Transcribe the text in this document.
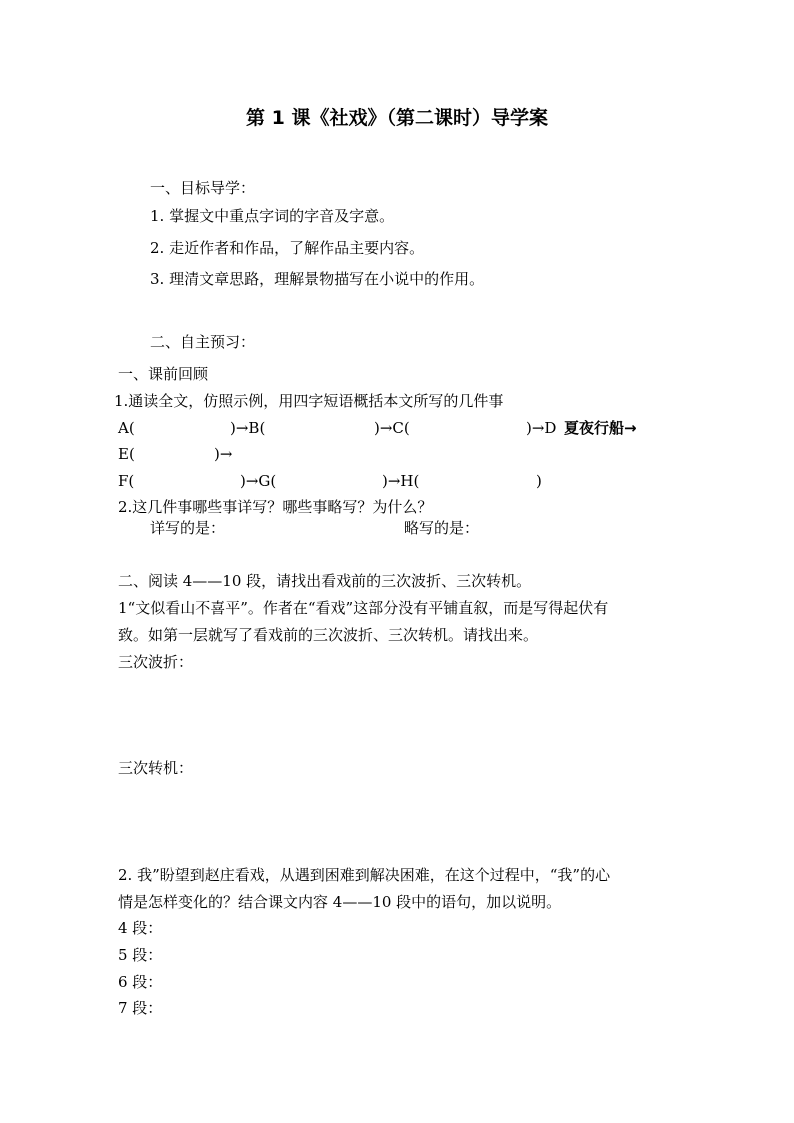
第 1 课《社戏》（第二课时）导学案
一、目标导学：
1. 掌握文中重点字词的字音及字意。
2. 走近作者和作品，了解作品主要内容。
3. 理清文章思路，理解景物描写在小说中的作用。
二、自主预习：
一、课前回顾
1.通读全文，仿照示例，用四字短语概括本文所写的几件事
A(	)→B(	)→C(	)→D 夏夜行船→
E(	)→
F(	)→G(	)→H(	)
2.这几件事哪些事详写？哪些事略写？为什么？
详写的是：	略写的是：
二、阅读 4——10 段，请找出看戏前的三次波折、三次转机。
1“文似看山不喜平”。作者在“看戏”这部分没有平铺直叙，而是写得起伏有
致。如第一层就写了看戏前的三次波折、三次转机。请找出来。
三次波折：
三次转机：
2. 我”盼望到赵庄看戏，从遇到困难到解决困难，在这个过程中，“我”的心
情是怎样变化的？结合课文内容 4——10 段中的语句，加以说明。
4 段：
5 段：
6 段：
7 段：
